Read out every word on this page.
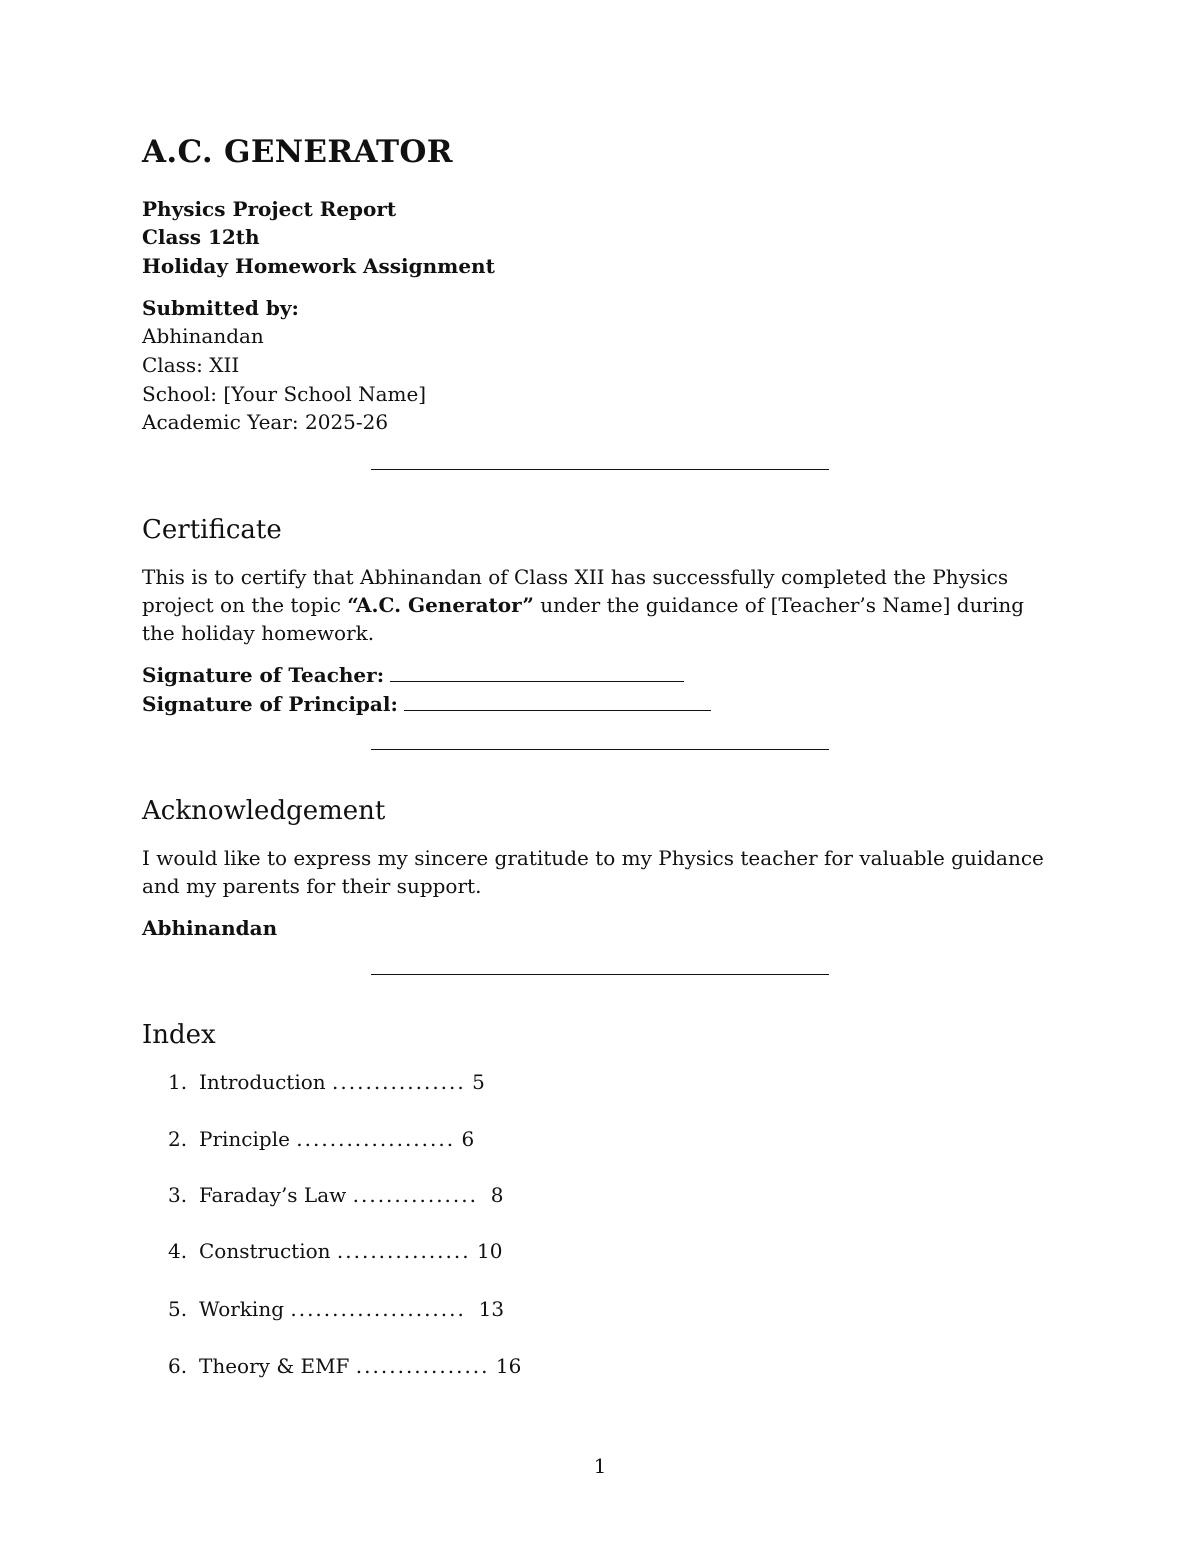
A.C. GENERATOR
Physics Project Report
Class 12th
Holiday Homework Assignment
Submitted by:
Abhinandan
Class: XII
School: [Your School Name]
Academic Year: 2025-26
Certificate

This is to certify that Abhinandan of Class XII has successfully completed the Physics project on the topic “A.C. Generator” under the guidance of [Teacher’s Name] during the holiday homework.

Signature of Teacher:
Signature of Principal:
Acknowledgement

I would like to express my sincere gratitude to my Physics teacher for valuable guidance and my parents for their support.

Abhinandan
Index
1. Introduction ................ 5
2. Principle ................... 6
3. Faraday’s Law ............... 8
4. Construction ................ 10
5. Working ..................... 13
6. Theory & EMF ................ 16
1
